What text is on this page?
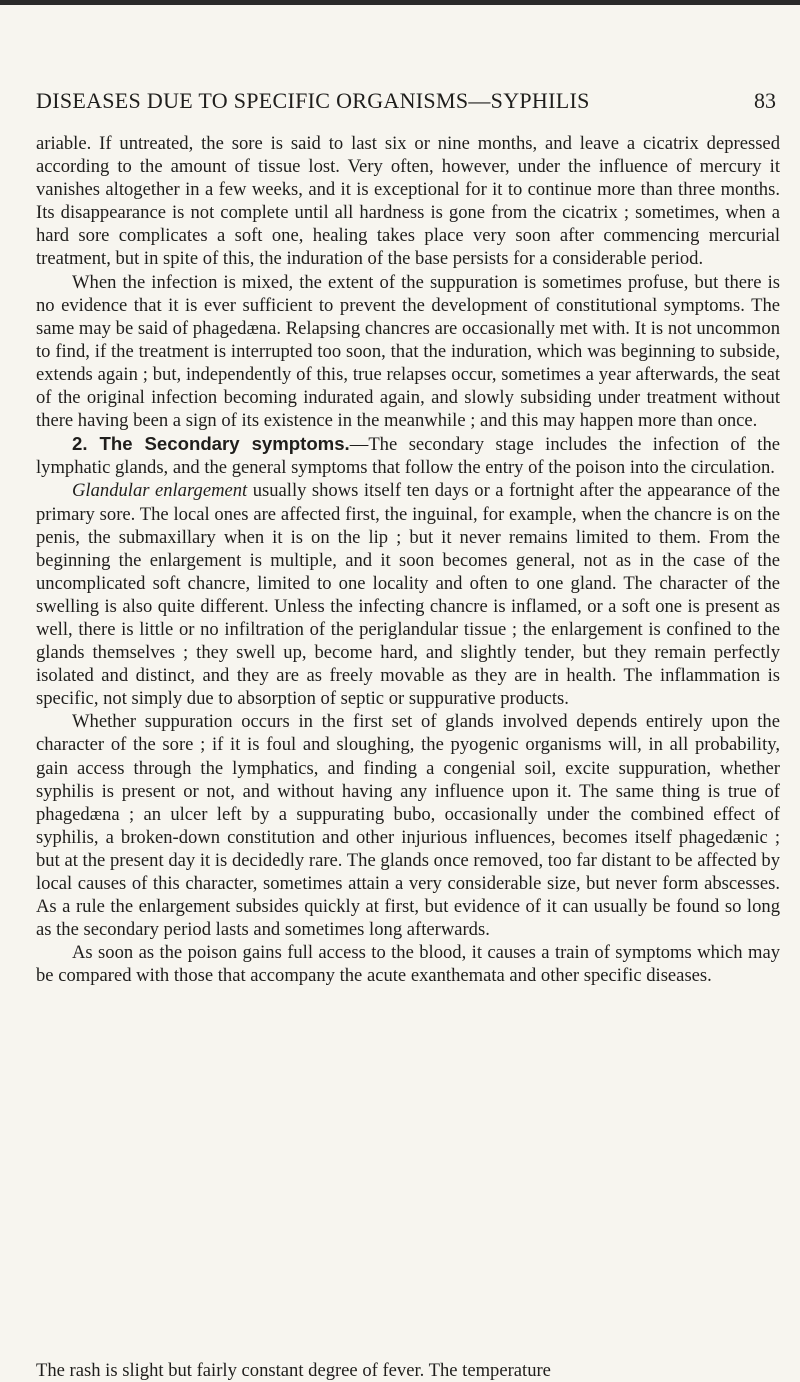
DISEASES DUE TO SPECIFIC ORGANISMS—SYPHILIS	83

ariable. If untreated, the sore is said to last six or nine months, and leave a cicatrix depressed according to the amount of tissue lost. Very often, however, under the influence of mercury it vanishes altogether in a few weeks, and it is exceptional for it to continue more than three months. Its disappearance is not complete until all hardness is gone from the cicatrix ; sometimes, when a hard sore complicates a soft one, healing takes place very soon after commencing mercurial treatment, but in spite of this, the induration of the base persists for a considerable period.

When the infection is mixed, the extent of the suppuration is sometimes profuse, but there is no evidence that it is ever sufficient to prevent the development of constitutional symptoms. The same may be said of phagedæna. Relapsing chancres are occasionally met with. It is not uncommon to find, if the treatment is interrupted too soon, that the induration, which was beginning to subside, extends again ; but, independently of this, true relapses occur, sometimes a year afterwards, the seat of the original infection becoming indurated again, and slowly subsiding under treatment without there having been a sign of its existence in the meanwhile ; and this may happen more than once.

2. The Secondary symptoms.—The secondary stage includes the infection of the lymphatic glands, and the general symptoms that follow the entry of the poison into the circulation.

Glandular enlargement usually shows itself ten days or a fortnight after the appearance of the primary sore. The local ones are affected first, the inguinal, for example, when the chancre is on the penis, the submaxillary when it is on the lip ; but it never remains limited to them. From the beginning the enlargement is multiple, and it soon becomes general, not as in the case of the uncomplicated soft chancre, limited to one locality and often to one gland. The character of the swelling is also quite different. Unless the infecting chancre is inflamed, or a soft one is present as well, there is little or no infiltration of the periglandular tissue ; the enlargement is confined to the glands themselves ; they swell up, become hard, and slightly tender, but they remain perfectly isolated and distinct, and they are as freely movable as they are in health. The inflammation is specific, not simply due to absorption of septic or suppurative products.

Whether suppuration occurs in the first set of glands involved depends entirely upon the character of the sore ; if it is foul and sloughing, the pyogenic organisms will, in all probability, gain access through the lymphatics, and finding a congenial soil, excite suppuration, whether syphilis is present or not, and without having any influence upon it. The same thing is true of phagedæna ; an ulcer left by a suppurating bubo, occasionally under the combined effect of syphilis, a broken-down constitution and other injurious influences, becomes itself phagedænic ; but at the present day it is decidedly rare. The glands once removed, too far distant to be affected by local causes of this character, sometimes attain a very considerable size, but never form abscesses. As a rule the enlargement subsides quickly at first, but evidence of it can usually be found so long as the secondary period lasts and sometimes long afterwards.

As soon as the poison gains full access to the blood, it causes a train of symptoms which may be compared with those that accompany the acute exanthemata and other specific diseases.

The rash is slight but fairly constant degree of fever. The temperature
